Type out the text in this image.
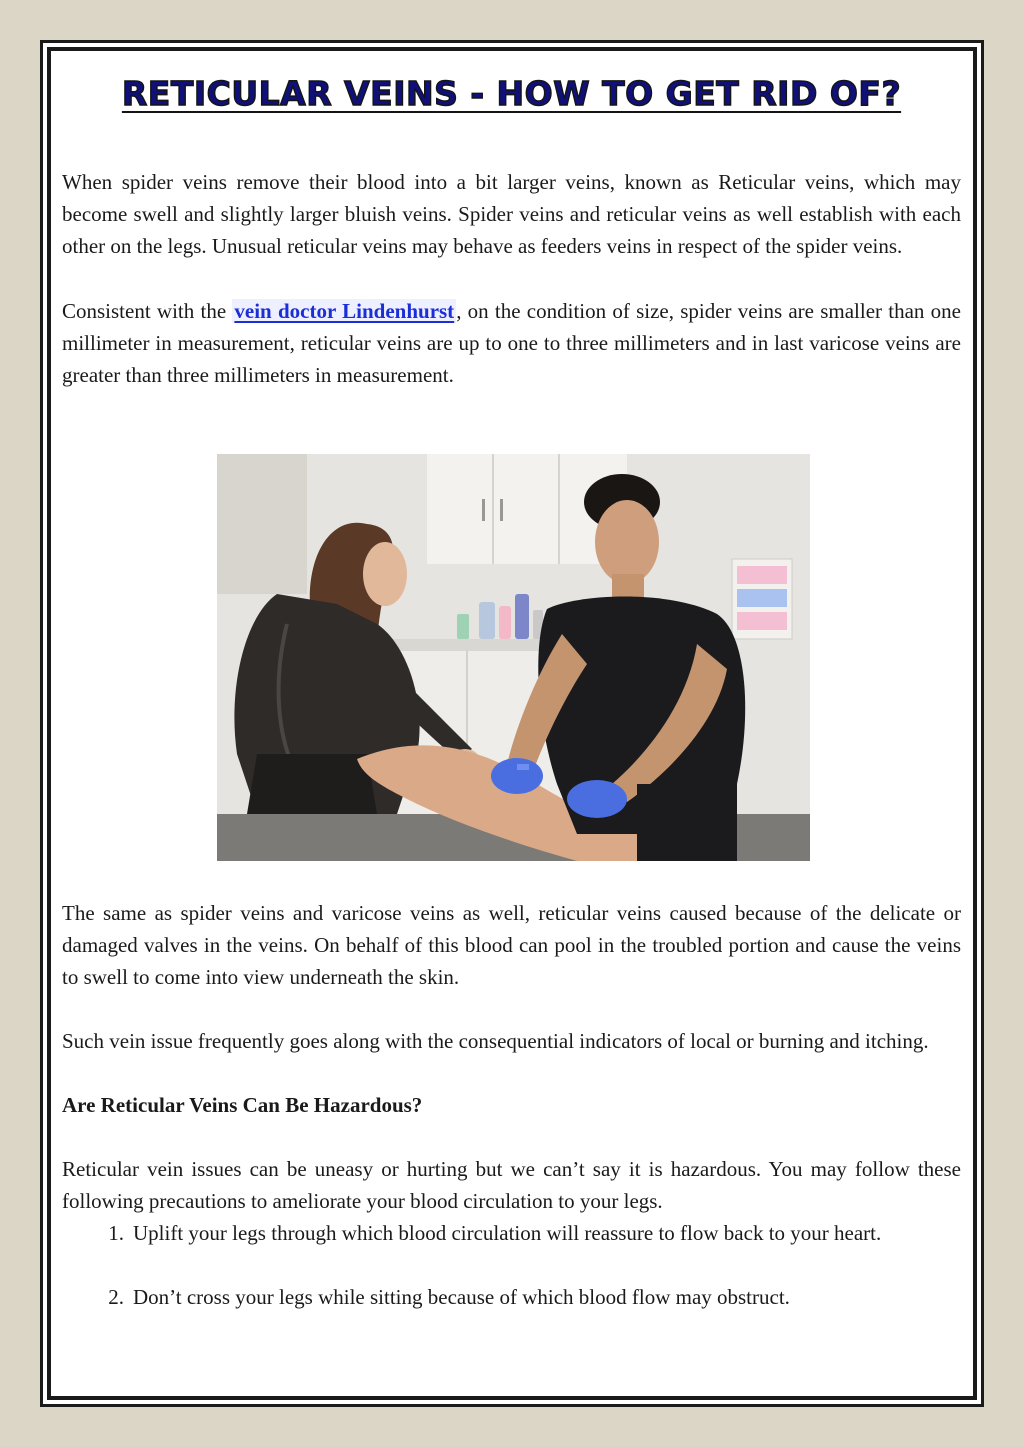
RETICULAR VEINS - HOW TO GET RID OF?

When spider veins remove their blood into a bit larger veins, known as Reticular veins, which may become swell and slightly larger bluish veins. Spider veins and reticular veins as well establish with each other on the legs. Unusual reticular veins may behave as feeders veins in respect of the spider veins.

Consistent with the vein doctor Lindenhurst, on the condition of size, spider veins are smaller than one millimeter in measurement, reticular veins are up to one to three millimeters and in last varicose veins are greater than three millimeters in measurement.

The same as spider veins and varicose veins as well, reticular veins caused because of the delicate or damaged valves in the veins. On behalf of this blood can pool in the troubled portion and cause the veins to swell to come into view underneath the skin.

Such vein issue frequently goes along with the consequential indicators of local or burning and itching.

Are Reticular Veins Can Be Hazardous?

Reticular vein issues can be uneasy or hurting but we can’t say it is hazardous. You may follow these following precautions to ameliorate your blood circulation to your legs.

1. Uplift your legs through which blood circulation will reassure to flow back to your heart.
2. Don’t cross your legs while sitting because of which blood flow may obstruct.
